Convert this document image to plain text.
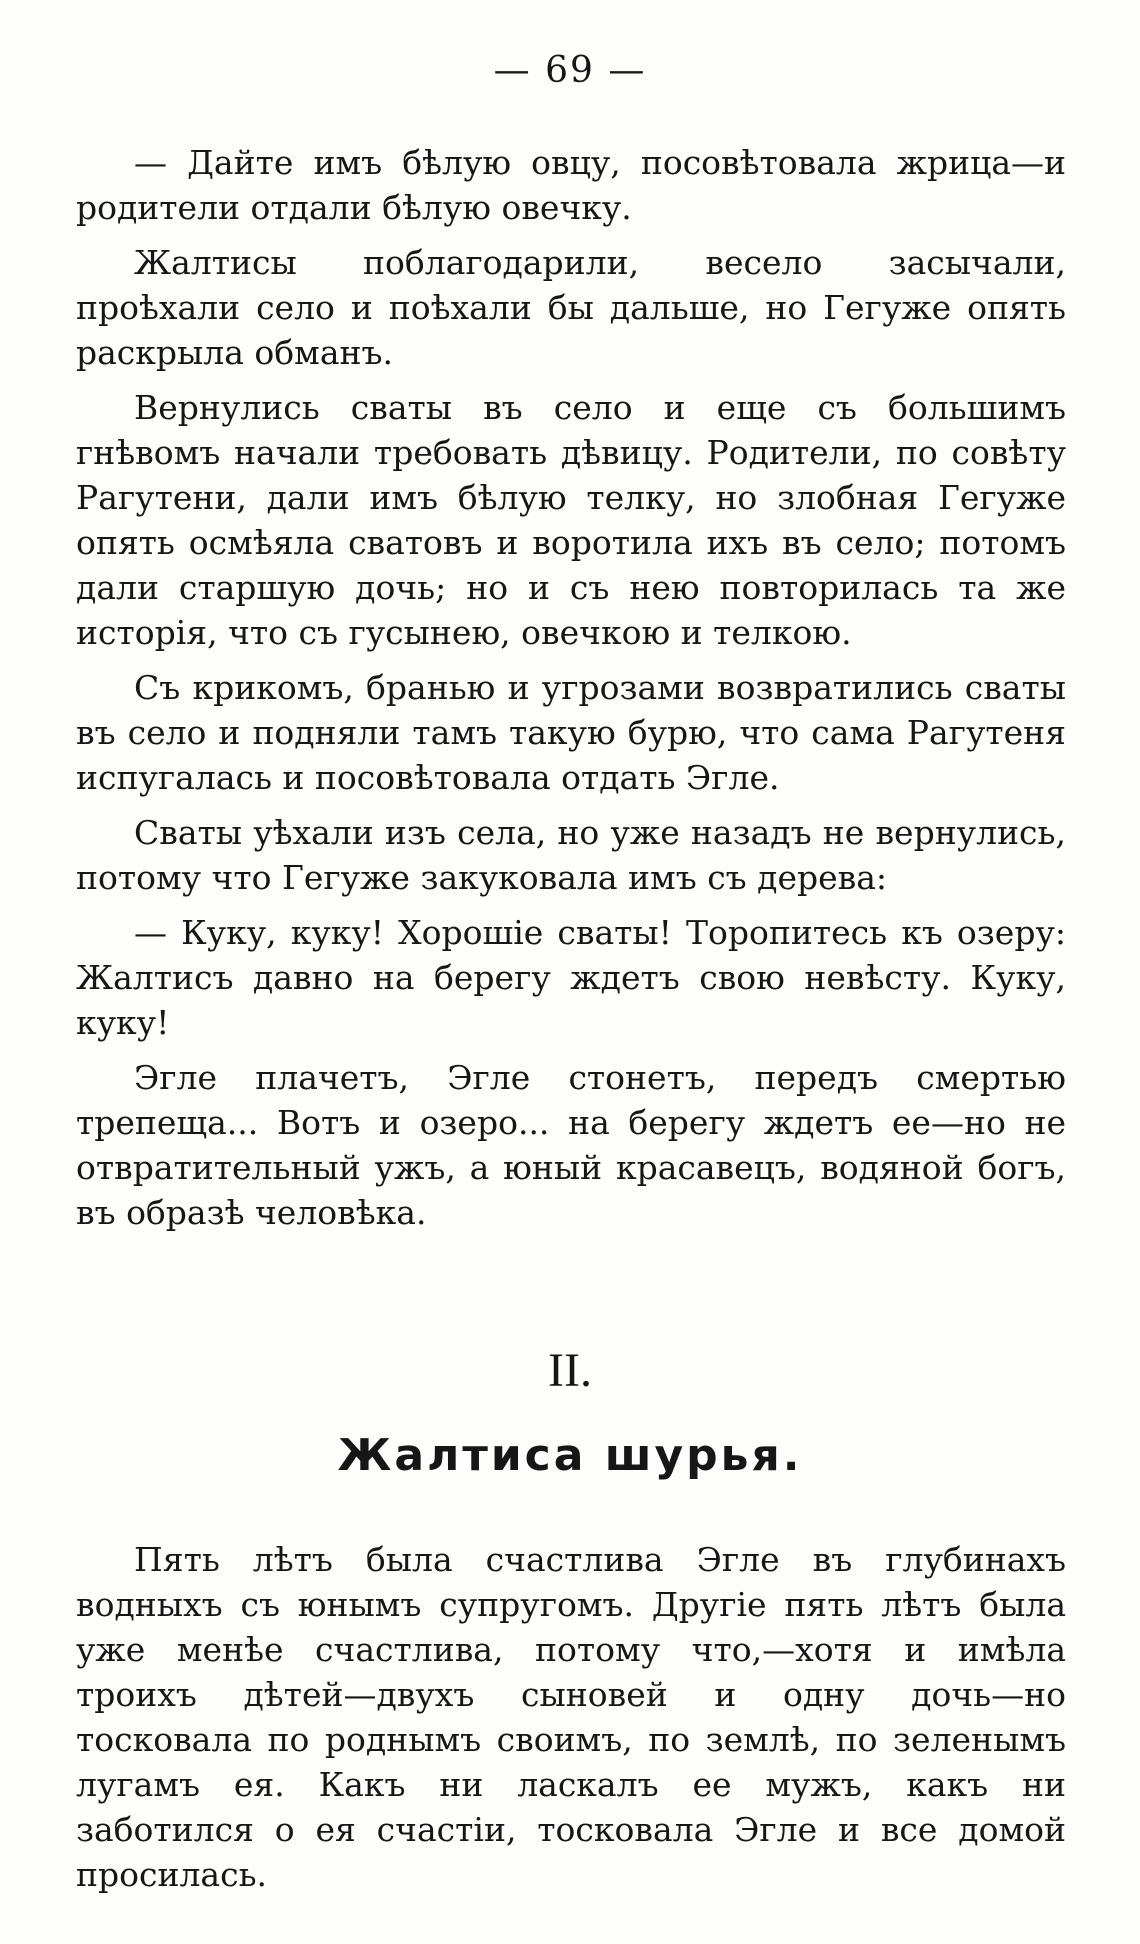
— 69 —

— Дайте имъ бѣлую овцу, посовѣтовала жрица—и родители отдали бѣлую овечку.

Жалтисы поблагодарили, весело засычали, проѣхали село и поѣхали бы дальше, но Гегуже опять раскрыла обманъ.

Вернулись сваты въ село и еще съ большимъ гнѣвомъ начали требовать дѣвицу. Родители, по совѣту Рагутени, дали имъ бѣлую телку, но злобная Гегуже опять осмѣяла сватовъ и воротила ихъ въ село; потомъ дали старшую дочь; но и съ нею повторилась та же исторія, что съ гусынею, овечкою и телкою.

Съ крикомъ, бранью и угрозами возвратились сваты въ село и подняли тамъ такую бурю, что сама Рагутеня испугалась и посовѣтовала отдать Эгле.

Сваты уѣхали изъ села, но уже назадъ не вернулись, потому что Гегуже закуковала имъ съ дерева:

— Куку, куку! Хорошіе сваты! Торопитесь къ озеру: Жалтисъ давно на берегу ждетъ свою невѣсту. Куку, куку!

Эгле плачетъ, Эгле стонетъ, передъ смертью трепеща... Вотъ и озеро... на берегу ждетъ ее—но не отвратительный ужъ, а юный красавецъ, водяной богъ, въ образѣ человѣка.

II.
Жалтиса шурья.

Пять лѣтъ была счастлива Эгле въ глубинахъ водныхъ съ юнымъ супругомъ. Другіе пять лѣтъ была уже менѣе счастлива, потому что,—хотя и имѣла троихъ дѣтей—двухъ сыновей и одну дочь—но тосковала по роднымъ своимъ, по землѣ, по зеленымъ лугамъ ея. Какъ ни ласкалъ ее мужъ, какъ ни заботился о ея счастіи, тосковала Эгле и все домой просилась.
